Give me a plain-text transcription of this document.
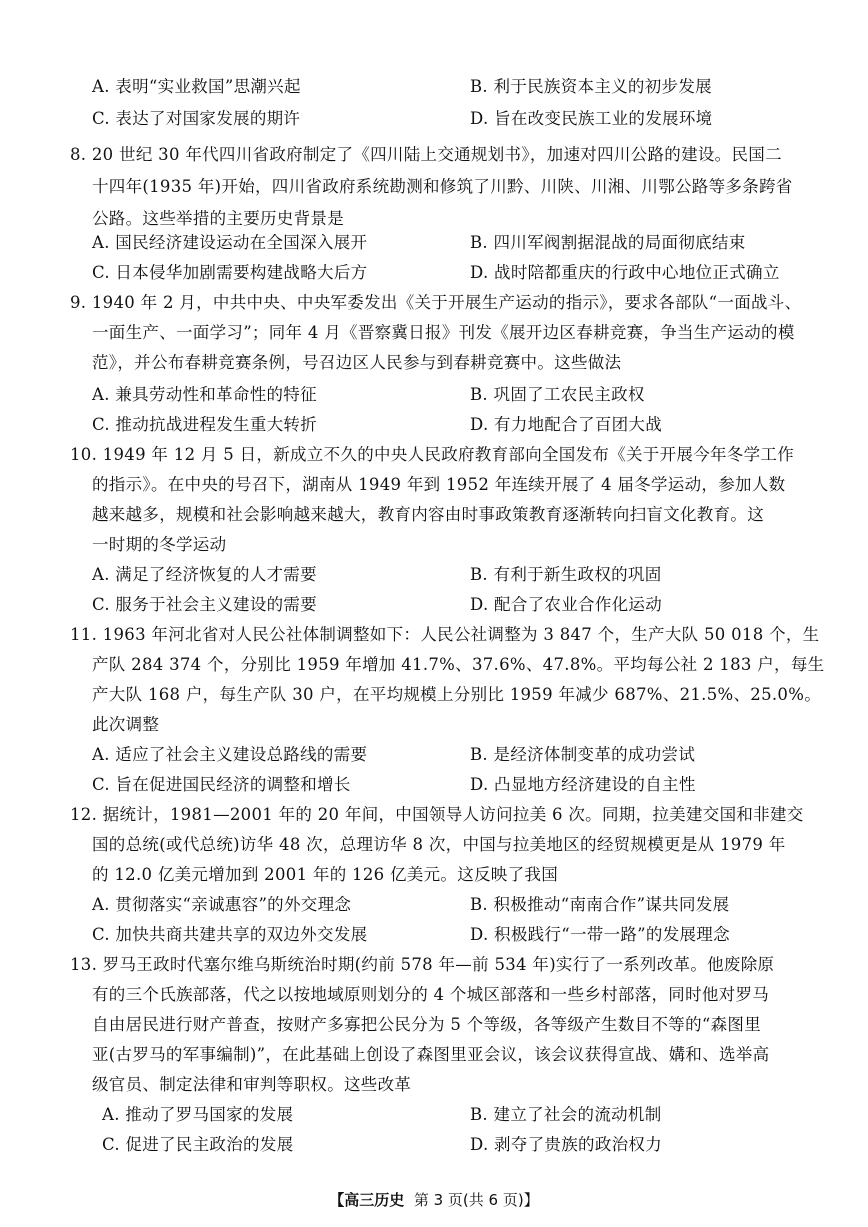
A. 表明“实业救国”思潮兴起	B. 利于民族资本主义的初步发展
C. 表达了对国家发展的期许	D. 旨在改变民族工业的发展环境
8. 20 世纪 30 年代四川省政府制定了《四川陆上交通规划书》，加速对四川公路的建设。民国二
十四年(1935 年)开始，四川省政府系统勘测和修筑了川黔、川陕、川湘、川鄂公路等多条跨省
公路。这些举措的主要历史背景是
A. 国民经济建设运动在全国深入展开	B. 四川军阀割据混战的局面彻底结束
C. 日本侵华加剧需要构建战略大后方	D. 战时陪都重庆的行政中心地位正式确立
9. 1940 年 2 月，中共中央、中央军委发出《关于开展生产运动的指示》，要求各部队“一面战斗、
一面生产、一面学习”；同年 4 月《晋察冀日报》刊发《展开边区春耕竞赛，争当生产运动的模
范》，并公布春耕竞赛条例，号召边区人民参与到春耕竞赛中。这些做法
A. 兼具劳动性和革命性的特征	B. 巩固了工农民主政权
C. 推动抗战进程发生重大转折	D. 有力地配合了百团大战
10. 1949 年 12 月 5 日，新成立不久的中央人民政府教育部向全国发布《关于开展今年冬学工作
的指示》。在中央的号召下，湖南从 1949 年到 1952 年连续开展了 4 届冬学运动，参加人数
越来越多，规模和社会影响越来越大，教育内容由时事政策教育逐渐转向扫盲文化教育。这
一时期的冬学运动
A. 满足了经济恢复的人才需要	B. 有利于新生政权的巩固
C. 服务于社会主义建设的需要	D. 配合了农业合作化运动
11. 1963 年河北省对人民公社体制调整如下：人民公社调整为 3 847 个，生产大队 50 018 个，生
产队 284 374 个，分别比 1959 年增加 41.7%、37.6%、47.8%。平均每公社 2 183 户，每生
产大队 168 户，每生产队 30 户，在平均规模上分别比 1959 年减少 687%、21.5%、25.0%。
此次调整
A. 适应了社会主义建设总路线的需要	B. 是经济体制变革的成功尝试
C. 旨在促进国民经济的调整和增长	D. 凸显地方经济建设的自主性
12. 据统计，1981—2001 年的 20 年间，中国领导人访问拉美 6 次。同期，拉美建交国和非建交
国的总统(或代总统)访华 48 次，总理访华 8 次，中国与拉美地区的经贸规模更是从 1979 年
的 12.0 亿美元增加到 2001 年的 126 亿美元。这反映了我国
A. 贯彻落实“亲诚惠容”的外交理念	B. 积极推动“南南合作”谋共同发展
C. 加快共商共建共享的双边外交发展	D. 积极践行“一带一路”的发展理念
13. 罗马王政时代塞尔维乌斯统治时期(约前 578 年—前 534 年)实行了一系列改革。他废除原
有的三个氏族部落，代之以按地域原则划分的 4 个城区部落和一些乡村部落，同时他对罗马
自由居民进行财产普查，按财产多寡把公民分为 5 个等级，各等级产生数目不等的“森图里
亚(古罗马的军事编制)”，在此基础上创设了森图里亚会议，该会议获得宣战、媾和、选举高
级官员、制定法律和审判等职权。这些改革
A. 推动了罗马国家的发展	B. 建立了社会的流动机制
C. 促进了民主政治的发展	D. 剥夺了贵族的政治权力
【高三历史 第 3 页(共 6 页)】
